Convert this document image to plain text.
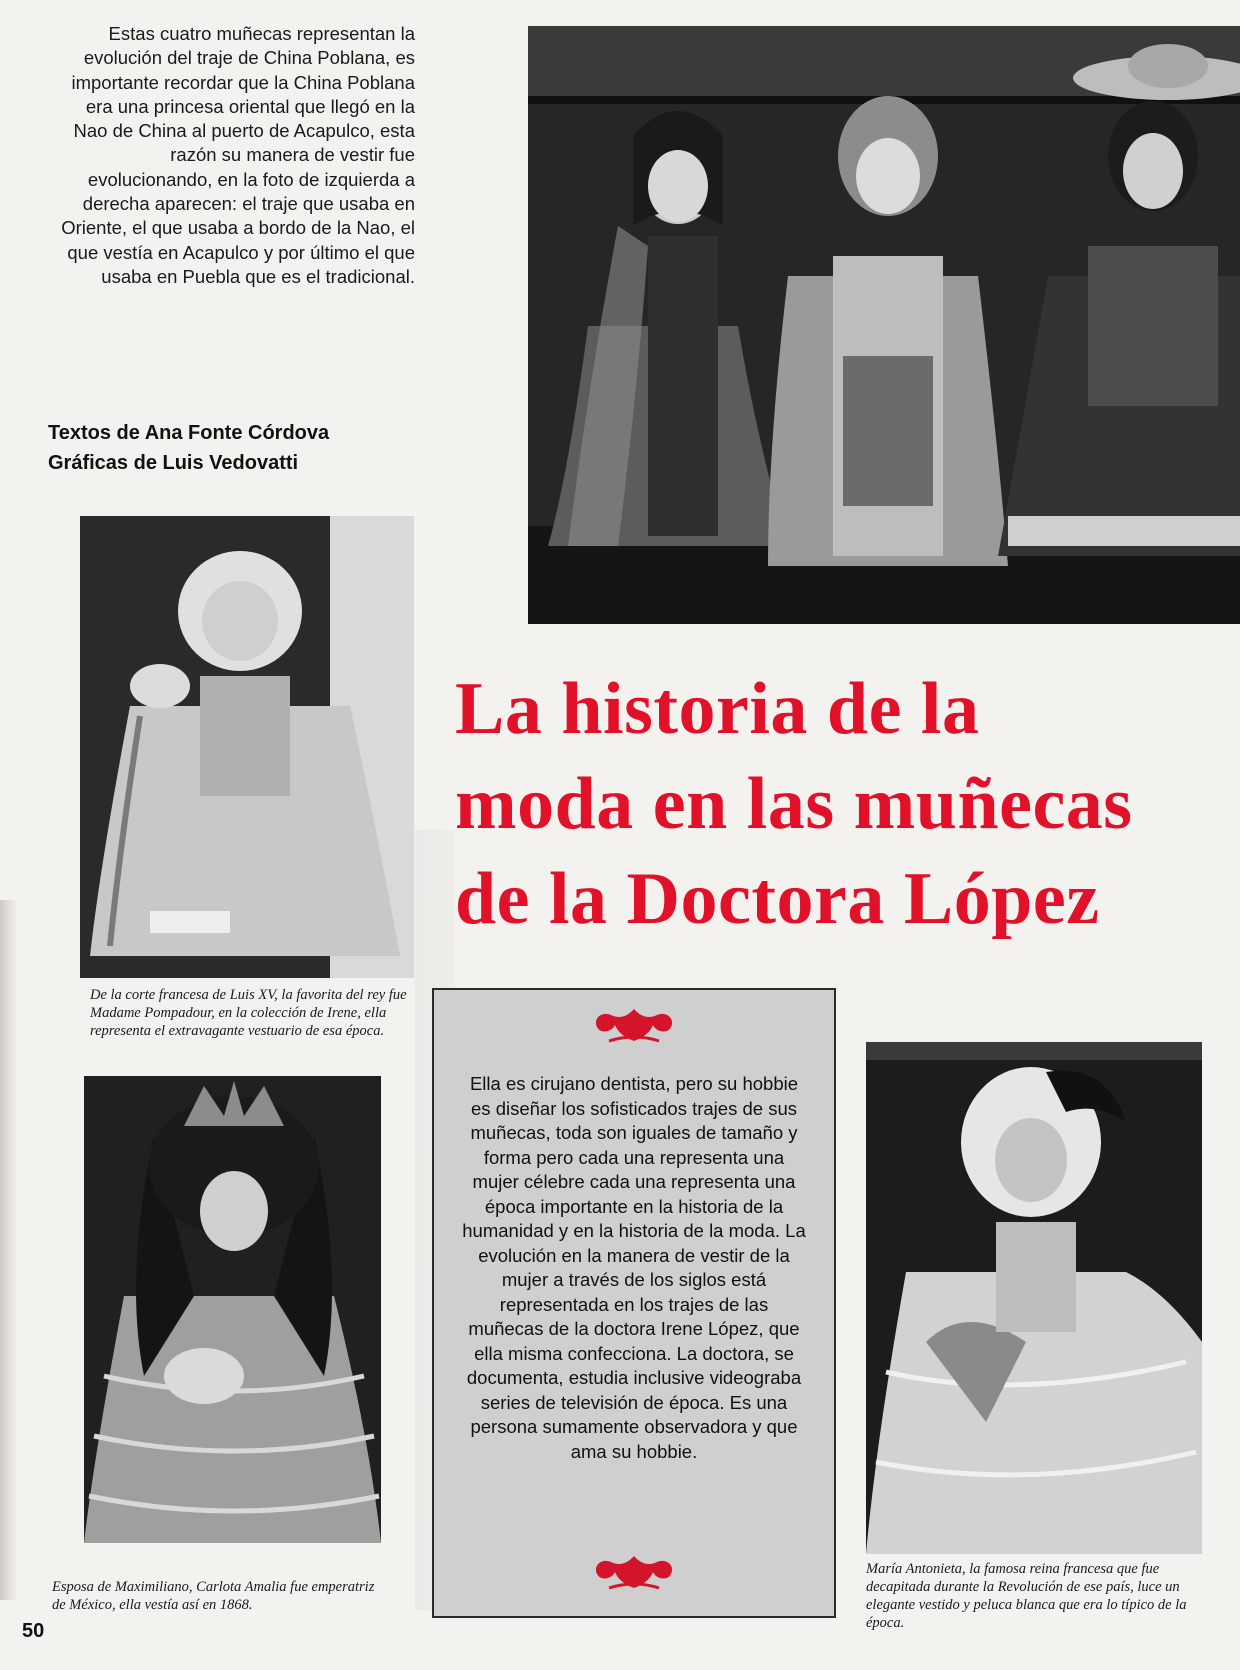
Estas cuatro muñecas representan la evolución del traje de China Poblana, es importante recordar que la China Poblana era una princesa oriental que llegó en la Nao de China al puerto de Acapulco, esta razón su manera de vestir fue evolucionando, en la foto de izquierda a derecha aparecen: el traje que usaba en Oriente, el que usaba a bordo de la Nao, el que vestía en Acapulco y por último el que usaba en Puebla que es el tradicional.

Textos de Ana Fonte Córdova
Gráficas de Luis Vedovatti
De la corte francesa de Luis XV, la favorita del rey fue Madame Pompadour, en la colección de Irene, ella representa el extravagante vestuario de esa época.
Esposa de Maximiliano, Carlota Amalia fue emperatriz de México, ella vestía así en 1868.
La historia de la
moda en las muñecas
de la Doctora López
Ella es cirujano dentista, pero su hobbie es diseñar los sofisticados trajes de sus muñecas, toda son iguales de tamaño y forma pero cada una representa una mujer célebre cada una representa una época importante en la historia de la humanidad y en la historia de la moda. La evolución en la manera de vestir de la mujer a través de los siglos está representada en los trajes de las muñecas de la doctora Irene López, que ella misma confecciona. La doctora, se documenta, estudia inclusive videograba series de televisión de época. Es una persona sumamente observadora y que ama su hobbie.
María Antonieta, la famosa reina francesa que fue decapitada durante la Revolución de ese país, luce un elegante vestido y peluca blanca que era lo típico de la época.
50
